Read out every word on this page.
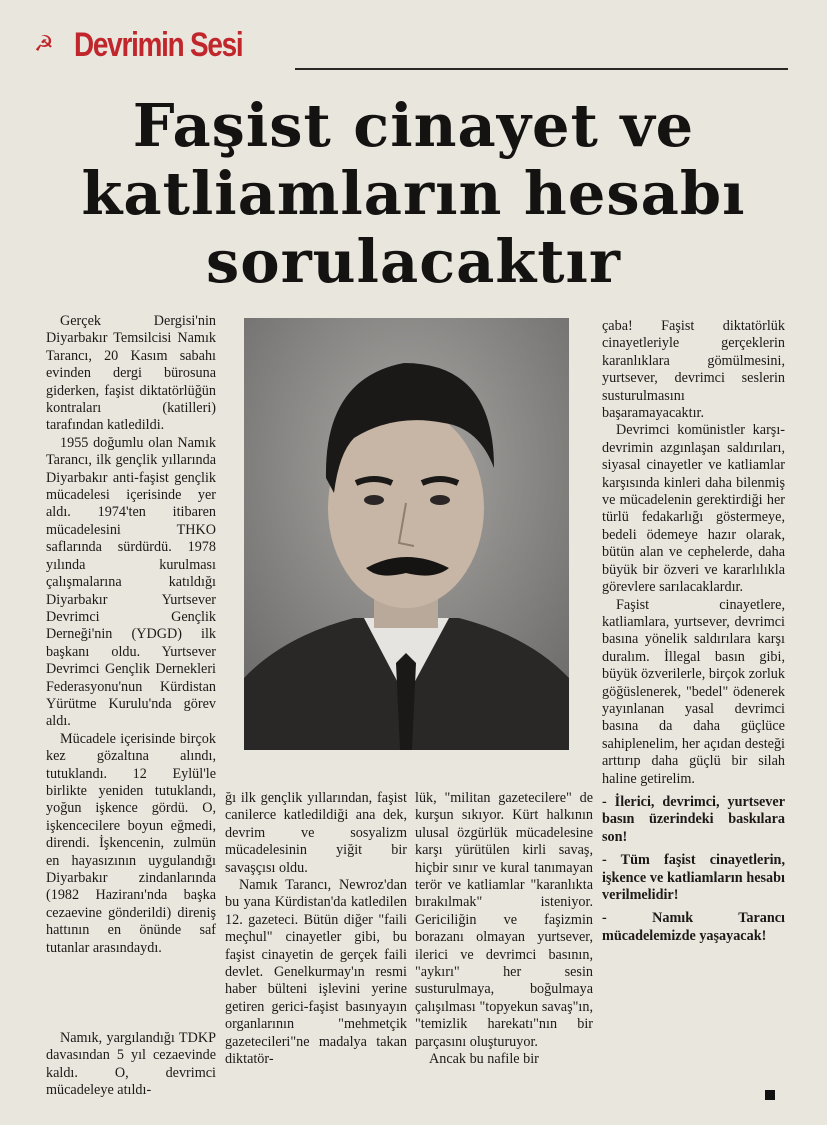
☭ Devrimin Sesi
Faşist cinayet ve
katliamların hesabı
sorulacaktır

Gerçek Dergisi'nin Diyarbakır Temsilcisi Namık Tarancı, 20 Kasım sabahı evinden dergi bürosuna giderken, faşist diktatörlüğün kontraları (katilleri) tarafından katledildi.

1955 doğumlu olan Namık Tarancı, ilk gençlik yıllarında Diyarbakır anti-faşist gençlik mücadelesi içerisinde yer aldı. 1974'ten itibaren mücadelesini THKO saflarında sürdürdü. 1978 yılında kurulması çalışmalarına katıldığı Diyarbakır Yurtsever Devrimci Gençlik Derneği'nin (YDGD) ilk başkanı oldu. Yurtsever Devrimci Gençlik Dernekleri Federasyonu'nun Kürdistan Yürütme Kurulu'nda görev aldı.

Mücadele içerisinde birçok kez gözaltına alındı, tutuklandı. 12 Eylül'le birlikte yeniden tutuklandı, yoğun işkence gördü. O, işkencecilere boyun eğmedi, direndi. İşkencenin, zulmün en hayasızının uygulandığı Diyarbakır zindanlarında (1982 Haziranı'nda başka cezaevine gönderildi) direniş hattının en önünde saf tutanlar arasındaydı.

Namık, yargılandığı TDKP davasından 5 yıl cezaevinde kaldı. O, devrimci mücadeleye atıldı-

ğı ilk gençlik yıllarından, faşist canilerce katledildiği ana dek, devrim ve sosyalizm mücadelesinin yiğit bir savaşçısı oldu.

Namık Tarancı, Newroz'dan bu yana Kürdistan'da katledilen 12. gazeteci. Bütün diğer "faili meçhul" cinayetler gibi, bu faşist cinayetin de gerçek faili devlet. Genelkurmay'ın resmi haber bülteni işlevini yerine getiren gerici-faşist basınyayın organlarının "mehmetçik gazetecileri"ne madalya takan diktatör-

lük, "militan gazetecilere" de kurşun sıkıyor. Kürt halkının ulusal özgürlük mücadelesine karşı yürütülen kirli savaş, hiçbir sınır ve kural tanımayan terör ve katliamlar "karanlıkta bırakılmak" isteniyor. Gericiliğin ve faşizmin borazanı olmayan yurtsever, ilerici ve devrimci basının, "aykırı" her sesin susturulmaya, boğulmaya çalışılması "topyekun savaş"ın, "temizlik harekatı"nın bir parçasını oluşturuyor.

Ancak bu nafile bir

çaba! Faşist diktatörlük cinayetleriyle gerçeklerin karanlıklara gömülmesini, yurtsever, devrimci seslerin susturulmasını başaramayacaktır.

Devrimci komünistler karşı-devrimin azgınlaşan saldırıları, siyasal cinayetler ve katliamlar karşısında kinleri daha bilenmiş ve mücadelenin gerektirdiği her türlü fedakarlığı göstermeye, bedeli ödemeye hazır olarak, bütün alan ve cephelerde, daha büyük bir özveri ve kararlılıkla görevlere sarılacaklardır.

Faşist cinayetlere, katliamlara, yurtsever, devrimci basına yönelik saldırılara karşı duralım. İllegal basın gibi, büyük özverilerle, birçok zorluk göğüslenerek, "bedel" ödenerek yayınlanan yasal devrimci basına da daha güçlüce sahiplenelim, her açıdan desteği arttırıp daha güçlü bir silah haline getirelim.

- İlerici, devrimci, yurtsever basın üzerindeki baskılara son!

- Tüm faşist cinayetlerin, işkence ve katliamların hesabı verilmelidir!

- Namık Tarancı mücadelemizde yaşayacak!
